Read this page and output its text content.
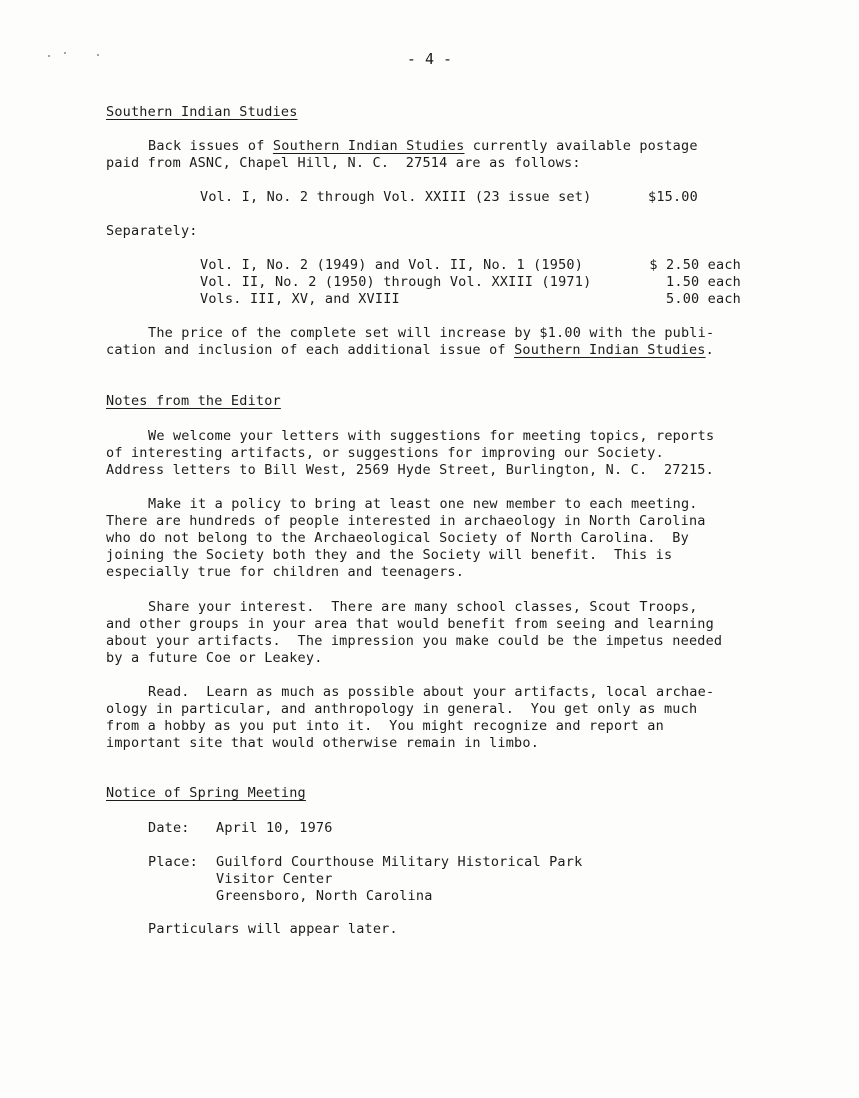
- 4 -
Southern Indian Studies
Back issues of Southern Indian Studies currently available postage
paid from ASNC, Chapel Hill, N. C.  27514 are as follows:
Vol. I, No. 2 through Vol. XXIII (23 issue set)	$15.00
Separately:
Vol. I, No. 2 (1949) and Vol. II, No. 1 (1950)	$ 2.50 each
Vol. II, No. 2 (1950) through Vol. XXIII (1971)	1.50 each
Vols. III, XV, and XVIII	5.00 each
The price of the complete set will increase by $1.00 with the publi-
cation and inclusion of each additional issue of Southern Indian Studies.
Notes from the Editor
We welcome your letters with suggestions for meeting topics, reports
of interesting artifacts, or suggestions for improving our Society.
Address letters to Bill West, 2569 Hyde Street, Burlington, N. C.  27215.
Make it a policy to bring at least one new member to each meeting.
There are hundreds of people interested in archaeology in North Carolina
who do not belong to the Archaeological Society of North Carolina.  By
joining the Society both they and the Society will benefit.  This is
especially true for children and teenagers.
Share your interest.  There are many school classes, Scout Troops,
and other groups in your area that would benefit from seeing and learning
about your artifacts.  The impression you make could be the impetus needed
by a future Coe or Leakey.
Read.  Learn as much as possible about your artifacts, local archae-
ology in particular, and anthropology in general.  You get only as much
from a hobby as you put into it.  You might recognize and report an
important site that would otherwise remain in limbo.
Notice of Spring Meeting
Date: April 10, 1976
Place: Guilford Courthouse Military Historical Park
Visitor Center
Greensboro, North Carolina
Particulars will appear later.
